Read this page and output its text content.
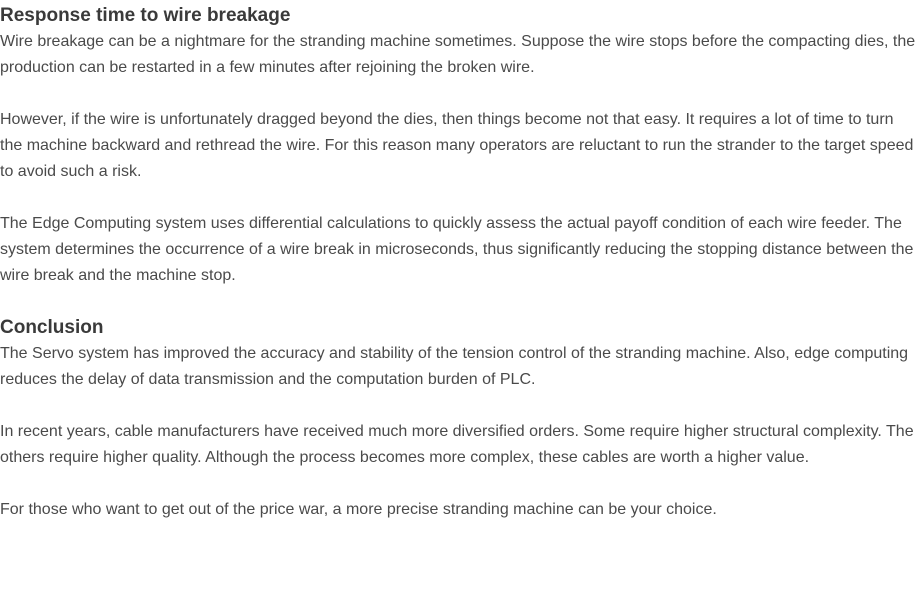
Response time to wire breakage

Wire breakage can be a nightmare for the stranding machine sometimes. Suppose the wire stops before the compacting dies, the production can be restarted in a few minutes after rejoining the broken wire.

However, if the wire is unfortunately dragged beyond the dies, then things become not that easy. It requires a lot of time to turn the machine backward and rethread the wire. For this reason many operators are reluctant to run the strander to the target speed to avoid such a risk.

The Edge Computing system uses differential calculations to quickly assess the actual payoff condition of each wire feeder. The system determines the occurrence of a wire break in microseconds, thus significantly reducing the stopping distance between the wire break and the machine stop.

Conclusion

The Servo system has improved the accuracy and stability of the tension control of the stranding machine. Also, edge computing reduces the delay of data transmission and the computation burden of PLC.

In recent years, cable manufacturers have received much more diversified orders. Some require higher structural complexity. The others require higher quality. Although the process becomes more complex, these cables are worth a higher value.

For those who want to get out of the price war, a more precise stranding machine can be your choice.
